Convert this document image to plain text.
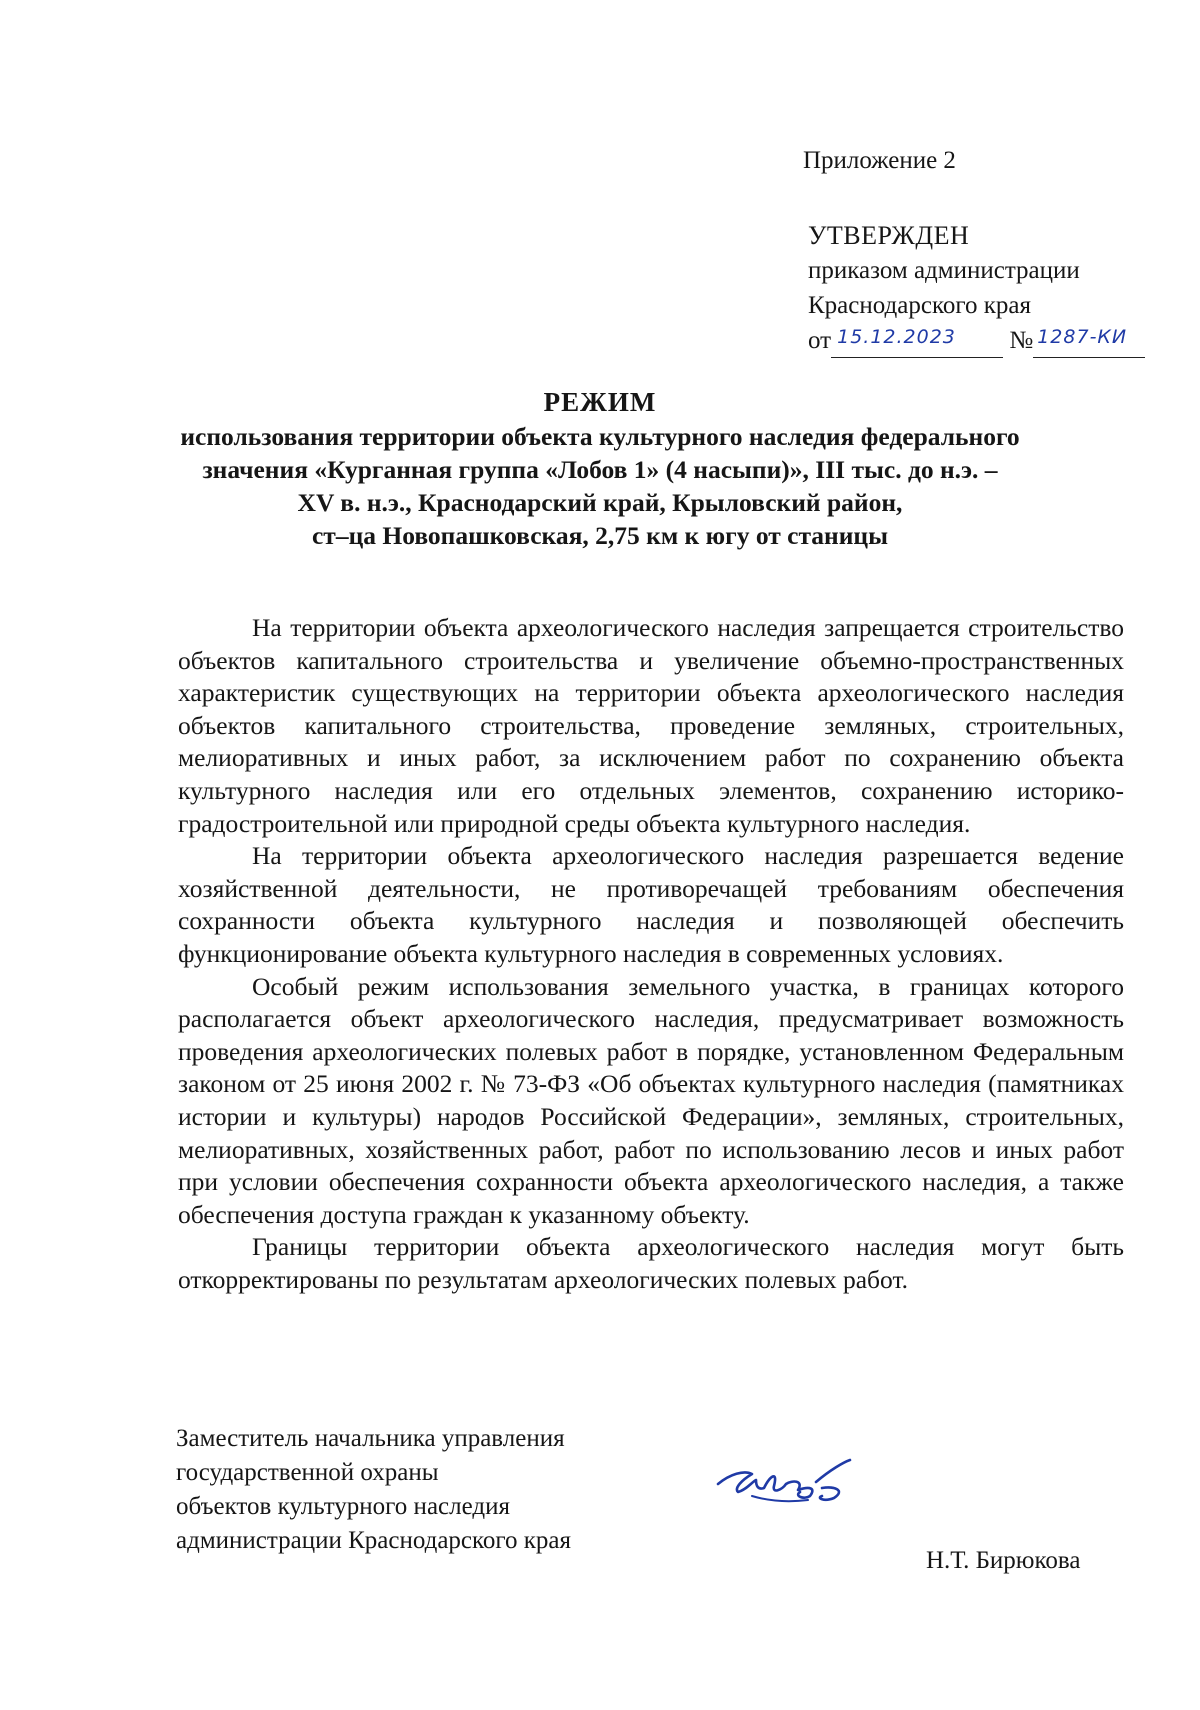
Приложение 2
УТВЕРЖДЕН
приказом администрации
Краснодарского края
от 15.12.2023 № 1287-КИ
РЕЖИМ
использования территории объекта культурного наследия федерального
значения «Курганная группа «Лобов 1» (4 насыпи)», III тыс. до н.э. –
XV в. н.э., Краснодарский край, Крыловский район,
ст–ца Новопашковская, 2,75 км к югу от станицы

На территории объекта археологического наследия запрещается строительство объектов капитального строительства и увеличение объемно-пространственных характеристик существующих на территории объекта археологического наследия объектов капитального строительства, проведение земляных, строительных, мелиоративных и иных работ, за исключением работ по сохранению объекта культурного наследия или его отдельных элементов, сохранению историко-градостроительной или природной среды объекта культурного наследия.

На территории объекта археологического наследия разрешается ведение хозяйственной деятельности, не противоречащей требованиям обеспечения сохранности объекта культурного наследия и позволяющей обеспечить функционирование объекта культурного наследия в современных условиях.

Особый режим использования земельного участка, в границах которого располагается объект археологического наследия, предусматривает возможность проведения археологических полевых работ в порядке, установленном Федеральным законом от 25 июня 2002 г. № 73-ФЗ «Об объектах культурного наследия (памятниках истории и культуры) народов Российской Федерации», земляных, строительных, мелиоративных, хозяйственных работ, работ по использованию лесов и иных работ при условии обеспечения сохранности объекта археологического наследия, а также обеспечения доступа граждан к указанному объекту.

Границы территории объекта археологического наследия могут быть откорректированы по результатам археологических полевых работ.

Заместитель начальника управления
государственной охраны
объектов культурного наследия
администрации Краснодарского края
Н.Т. Бирюкова
